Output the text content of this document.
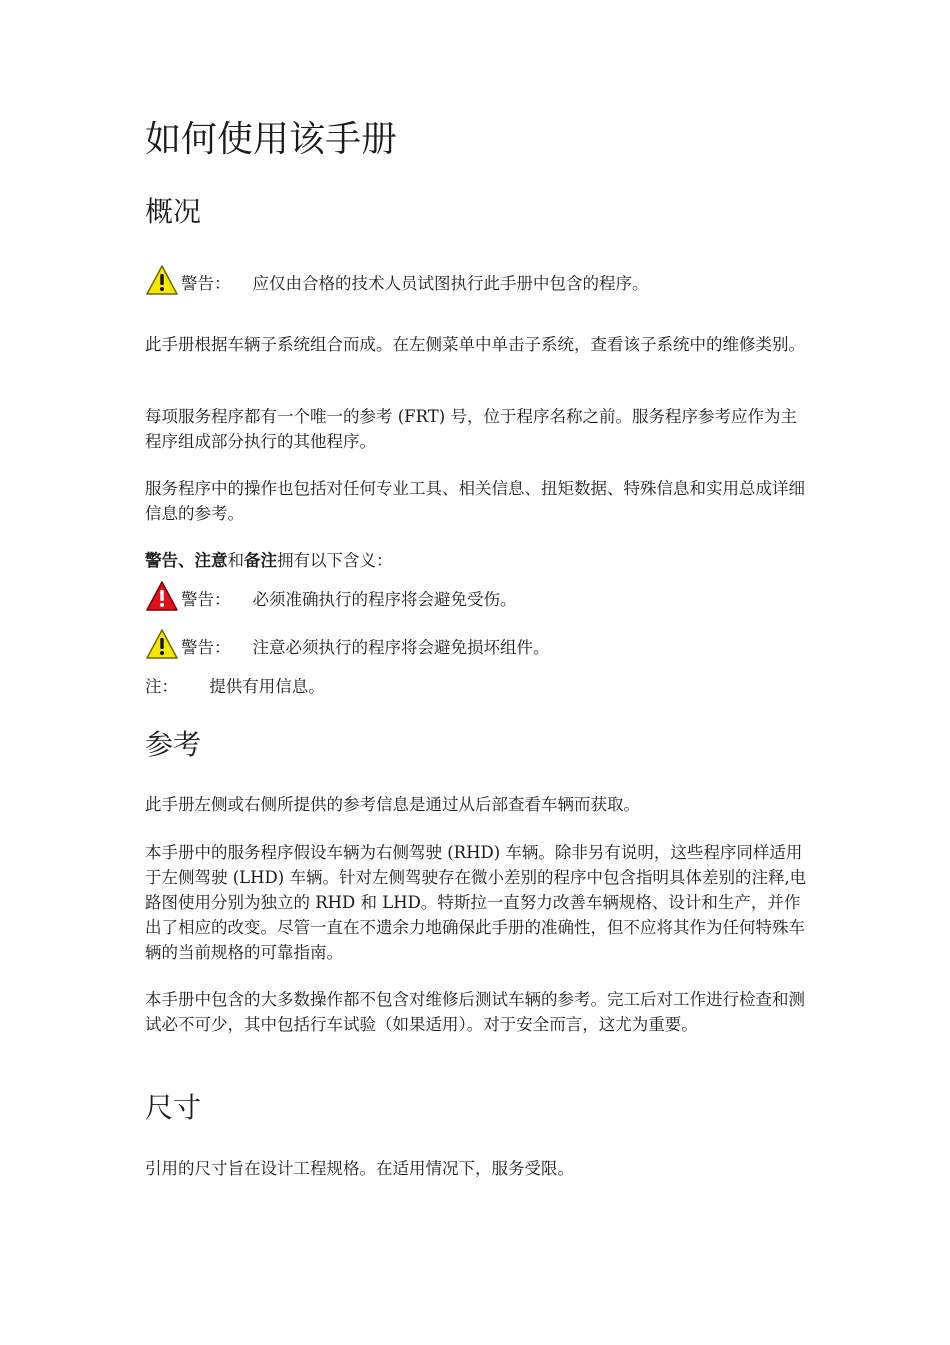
如何使用该手册
概况
警告： 应仅由合格的技术人员试图执行此手册中包含的程序。

此手册根据车辆子系统组合而成。在左侧菜单中单击子系统，查看该子系统中的维修类别。

每项服务程序都有一个唯一的参考 (FRT) 号，位于程序名称之前。服务程序参考应作为主程序组成部分执行的其他程序。

服务程序中的操作也包括对任何专业工具、相关信息、扭矩数据、特殊信息和实用总成详细信息的参考。

警告、注意和备注拥有以下含义：

警告： 必须准确执行的程序将会避免受伤。
警告： 注意必须执行的程序将会避免损坏组件。
注： 提供有用信息。
参考

此手册左侧或右侧所提供的参考信息是通过从后部查看车辆而获取。

本手册中的服务程序假设车辆为右侧驾驶 (RHD) 车辆。除非另有说明，这些程序同样适用于左侧驾驶 (LHD) 车辆。针对左侧驾驶存在微小差别的程序中包含指明具体差别的注释,电路图使用分别为独立的 RHD 和 LHD。特斯拉一直努力改善车辆规格、设计和生产，并作出了相应的改变。尽管一直在不遗余力地确保此手册的准确性，但不应将其作为任何特殊车辆的当前规格的可靠指南。

本手册中包含的大多数操作都不包含对维修后测试车辆的参考。完工后对工作进行检查和测试必不可少，其中包括行车试验（如果适用）。对于安全而言，这尤为重要。

尺寸

引用的尺寸旨在设计工程规格。在适用情况下，服务受限。
